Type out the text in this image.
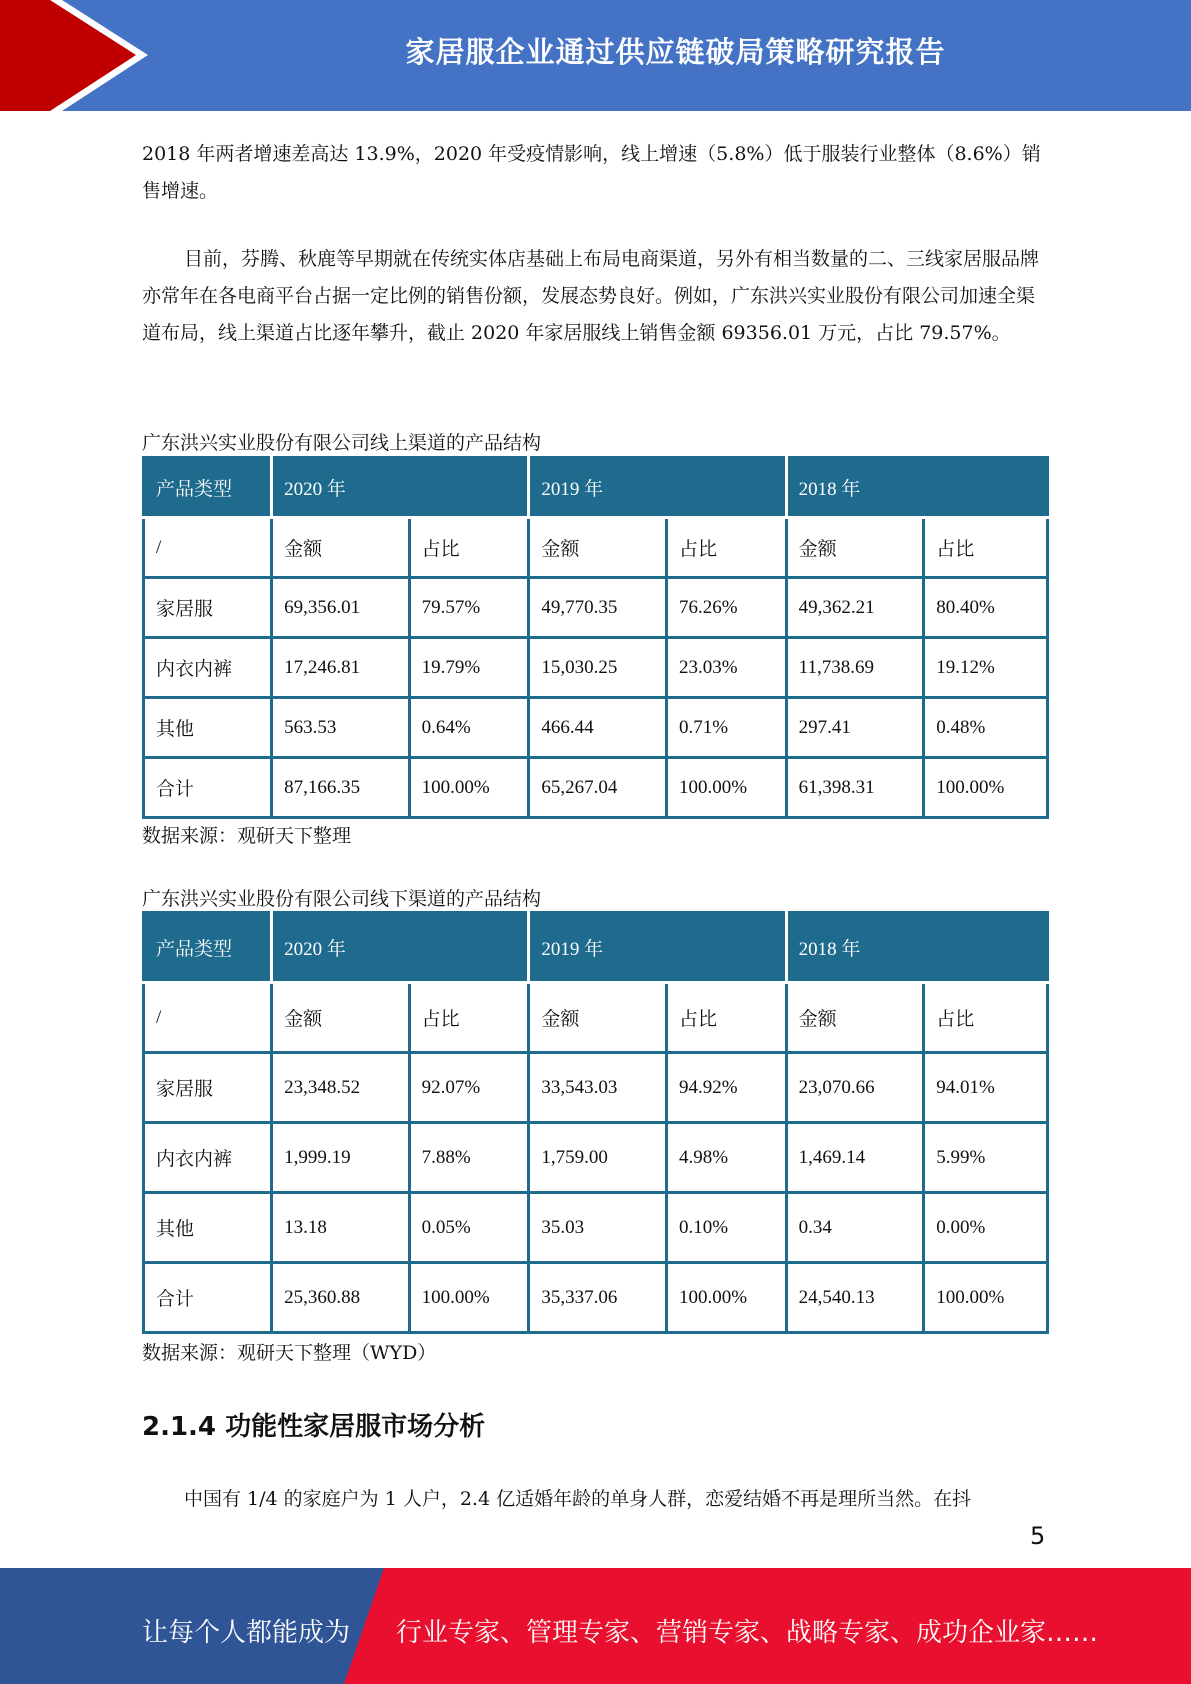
家居服企业通过供应链破局策略研究报告

2018 年两者增速差高达 13.9%，2020 年受疫情影响，线上增速（5.8%）低于服装行业整体（8.6%）销售增速。

目前，芬腾、秋鹿等早期就在传统实体店基础上布局电商渠道，另外有相当数量的二、三线家居服品牌亦常年在各电商平台占据一定比例的销售份额，发展态势良好。例如，广东洪兴实业股份有限公司加速全渠道布局，线上渠道占比逐年攀升，截止 2020 年家居服线上销售金额 69356.01 万元，占比 79.57%。

广东洪兴实业股份有限公司线上渠道的产品结构
产品类型	2020 年		2019 年		2018 年	
/	金额	占比	金额	占比	金额	占比
家居服	69,356.01	79.57%	49,770.35	76.26%	49,362.21	80.40%
内衣内裤	17,246.81	19.79%	15,030.25	23.03%	11,738.69	19.12%
其他	563.53	0.64%	466.44	0.71%	297.41	0.48%
合计	87,166.35	100.00%	65,267.04	100.00%	61,398.31	100.00%
数据来源：观研天下整理
广东洪兴实业股份有限公司线下渠道的产品结构
产品类型	2020 年		2019 年		2018 年	
/	金额	占比	金额	占比	金额	占比
家居服	23,348.52	92.07%	33,543.03	94.92%	23,070.66	94.01%
内衣内裤	1,999.19	7.88%	1,759.00	4.98%	1,469.14	5.99%
其他	13.18	0.05%	35.03	0.10%	0.34	0.00%
合计	25,360.88	100.00%	35,337.06	100.00%	24,540.13	100.00%
数据来源：观研天下整理（WYD）
2.1.4 功能性家居服市场分析

中国有 1/4 的家庭户为 1 人户，2.4 亿适婚年龄的单身人群，恋爱结婚不再是理所当然。在抖

5
让每个人都能成为 行业专家、管理专家、营销专家、战略专家、成功企业家……
